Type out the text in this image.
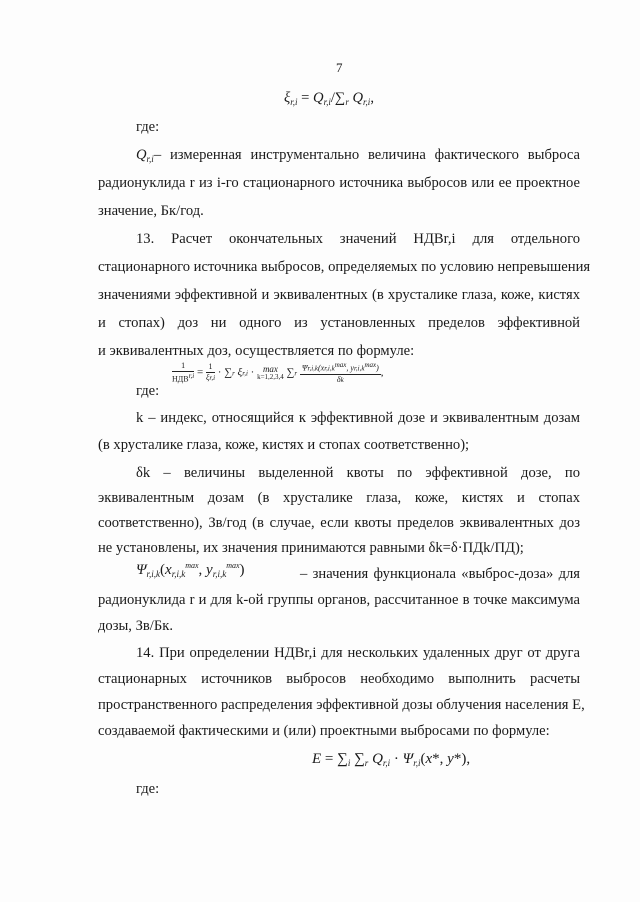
7
$\xi_{r,i} = Q_{r,i}/\sum_r$ $Q_{r,i}$,
где:
$Q_{r,i}-$ измеренная инструментально величина фактического выброса
радионуклида r из i-го стационарного источника выбросов или ее проектное
значение, Бк/год.
13. Расчет окончательных значений НДВr,i для отдельного
стационарного источника выбросов, определяемых по условию непревышения
значениями эффективной и эквивалентных (в хрусталике глаза, коже, кистях
и стопах) доз ни одного из установленных пределов эффективной
и эквивалентных доз, осуществляется по формуле:
$\frac{1}{НДВ^{r,i}} = \frac{1}{\xi r,i} \cdot \sum r$ ξr,i · max
k=1,2,3,4 $\sum r \frac{\Psi r,i,k(xr,i,k^{max}, yr,i,k^{max})}{\delta k}$ ,
где:
k – индекс, относящийся к эффективной дозе и эквивалентным дозам
(в хрусталике глаза, коже, кистях и стопах соответственно);
δk – величины выделенной квоты по эффективной дозе, по
эквивалентным дозам (в хрусталике глаза, коже, кистях и стопах
соответственно), Зв/год (в случае, если квоты пределов эквивалентных доз
не установлены, их значения принимаются равными δk=δ·ПДk/ПД);
$\Psi_{r,i,k}(x_{r,i,k}^{max}$, $y_{r,i,k}^{max}$)	– значения функционала «выброс-доза» для
радионуклида r и для k-ой группы органов, рассчитанное в точке максимума
дозы, Зв/Бк.
14. При определении НДВr,i для нескольких удаленных друг от друга
стационарных источников выбросов необходимо выполнить расчеты
пространственного распределения эффективной дозы облучения населения E,
создаваемой фактическими и (или) проектными выбросами по формуле:
$E = \sum_i$ $\sum_r$ $Q_{r,i} \cdot \Psi_{r,i}(x*$, y*),
где:
